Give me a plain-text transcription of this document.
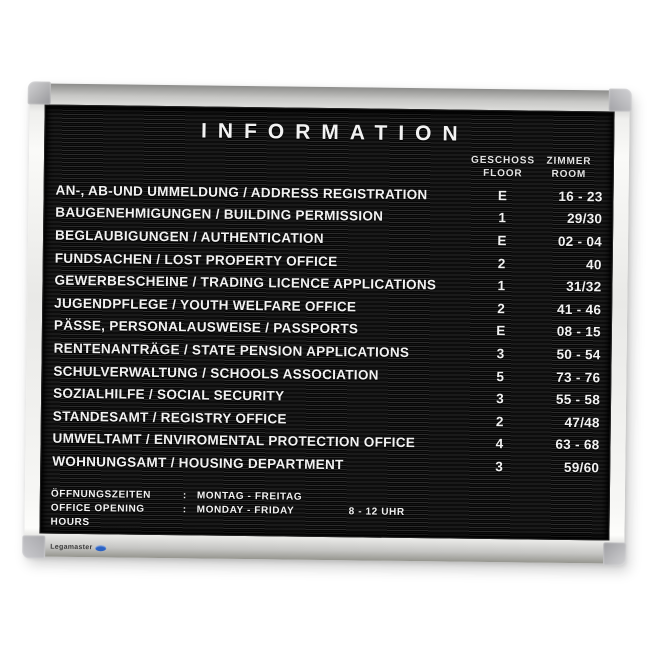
INFORMATION
GESCHOSS
FLOOR
ZIMMER
ROOM
AN-, AB-UND UMMELDUNG / ADDRESS REGISTRATION	E	16 - 23
BAUGENEHMIGUNGEN / BUILDING PERMISSION	1	29/30
BEGLAUBIGUNGEN / AUTHENTICATION	E	02 - 04
FUNDSACHEN / LOST PROPERTY OFFICE	2	40
GEWERBESCHEINE / TRADING LICENCE APPLICATIONS	1	31/32
JUGENDPFLEGE / YOUTH WELFARE OFFICE	2	41 - 46
PÄSSE, PERSONALAUSWEISE / PASSPORTS	E	08 - 15
RENTENANTRÄGE / STATE PENSION APPLICATIONS	3	50 - 54
SCHULVERWALTUNG / SCHOOLS ASSOCIATION	5	73 - 76
SOZIALHILFE / SOCIAL SECURITY	3	55 - 58
STANDESAMT / REGISTRY OFFICE	2	47/48
UMWELTAMT / ENVIROMENTAL PROTECTION OFFICE	4	63 - 68
WOHNUNGSAMT / HOUSING DEPARTMENT	3	59/60
ÖFFNUNGSZEITEN	: MONTAG - FREITAG
8 - 12 UHR
OFFICE OPENING HOURS
: MONDAY - FRIDAY
Legamaster
